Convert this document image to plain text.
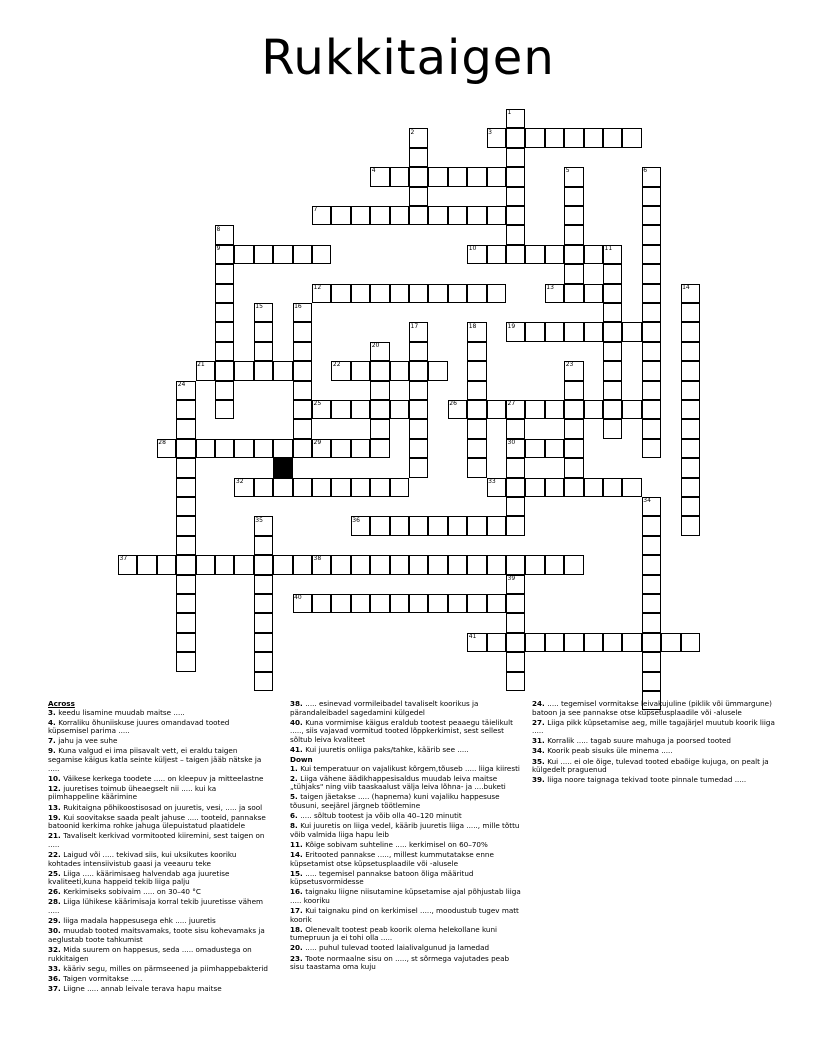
Rukkitaigen
1
2	3
4	5	6
7
8
9	10	11
12	13	14
15	16
17	18	19
20
21	22	23
24
25	26	27
28	29	30
32	33
34
35	36
37	38
39
40
41
31

Across

3. keedu lisamine muudab maitse .....

4. Korraliku õhuniiskuse juures omandavad tooted küpsemisel parima .....

7. jahu ja vee suhe

9. Kuna valgud ei ima piisavalt vett, ei eraldu taigen segamise käigus katla seinte küljest – taigen jääb nätske ja .....

10. Väikese kerkega toodete ..... on kleepuv ja mitteelastne

12. juuretises toimub üheaegselt nii ..... kui ka piimhappeline käärimine

13. Rukitaigna põhikoostisosad on juuretis, vesi, ..... ja sool

19. Kui soovitakse saada pealt jahuse ..... tooteid, pannakse batoonid kerkima rohke jahuga ülepuistatud plaatidele

21. Tavaliselt kerkivad vormitooted kiiremini, sest taigen on .....

22. Laigud või ..... tekivad siis, kui uksikutes kooriku kohtades intensiivistub gaasi ja veeauru teke

25. Liiga ..... käärimisaeg halvendab aga juuretise kvaliteeti,kuna happeid tekib liiga palju

26. Kerkimiseks sobivaim ..... on 30–40 °C

28. Liiga lühikese käärimisaja korral tekib juuretisse vähem .....

29. liiga madala happesusega ehk ..... juuretis

30. muudab tooted maitsvamaks, toote sisu kohevamaks ja aeglustab toote tahkumist

32. Mida suurem on happesus, seda ..... omadustega on rukkitaigen

33. kääriv segu, milles on pärmseened ja piimhappebakterid

36. Taigen vormitakse .....

37. Liigne ..... annab leivale terava hapu maitse

38. ..... esinevad vormileibadel tavaliselt koorikus ja pärandaleibadel sagedamini külgedel

40. Kuna vormimise käigus eraldub tootest peaaegu täielikult ....., siis vajavad vormitud tooted lõppkerkimist, sest sellest sõltub leiva kvaliteet

41. Kui juuretis onliiga paks/tahke, käärib see .....

Down

1. Kui temperatuur on vajalikust kõrgem,tõuseb ..... liiga kiiresti

2. Liiga vähene äädikhappesisaldus muudab leiva maitse „tühjaks" ning viib taaskaalust välja leiva lõhna- ja ....buketi

5. taigen jäetakse ..... (hapnema) kuni vajaliku happesuse tõusuni, seejärel järgneb töötlemine

6. ..... sõltub tootest ja võib olla 40–120 minutit

8. Kui juuretis on liiga vedel, käärib juuretis liiga ....., mille tõttu võib valmida liiga hapu leib

11. Kõige sobivam suhteline ..... kerkimisel on 60–70%

14. Eritooted pannakse ....., millest kummutatakse enne küpsetamist otse küpsetusplaadile või -alusele

15. ..... tegemisel pannakse batoon õliga määritud küpsetusvormidesse

16. taignaku liigne niisutamine küpsetamise ajal põhjustab liiga ..... kooriku

17. Kui taignaku pind on kerkimisel ....., moodustub tugev matt koorik

18. Olenevalt tootest peab koorik olema helekollane kuni tumepruun ja ei tohi olla .....

20. ..... puhul tulevad tooted laialivalgunud ja lamedad

23. Toote normaalne sisu on ....., st sõrmega vajutades peab sisu taastama oma kuju

24. ..... tegemisel vormitakse leivakujuline (piklik või ümmargune) batoon ja see pannakse otse küpsetusplaadile või -alusele

27. Liiga pikk küpsetamise aeg, mille tagajärjel muutub koorik liiga .....

31. Korralik ..... tagab suure mahuga ja poorsed tooted

34. Koorik peab sisuks üle minema .....

35. Kui ..... ei ole õige, tulevad tooted ebaõige kujuga, on pealt ja külgedelt praguenud

39. liiga noore taignaga tekivad toote pinnale tumedad .....
